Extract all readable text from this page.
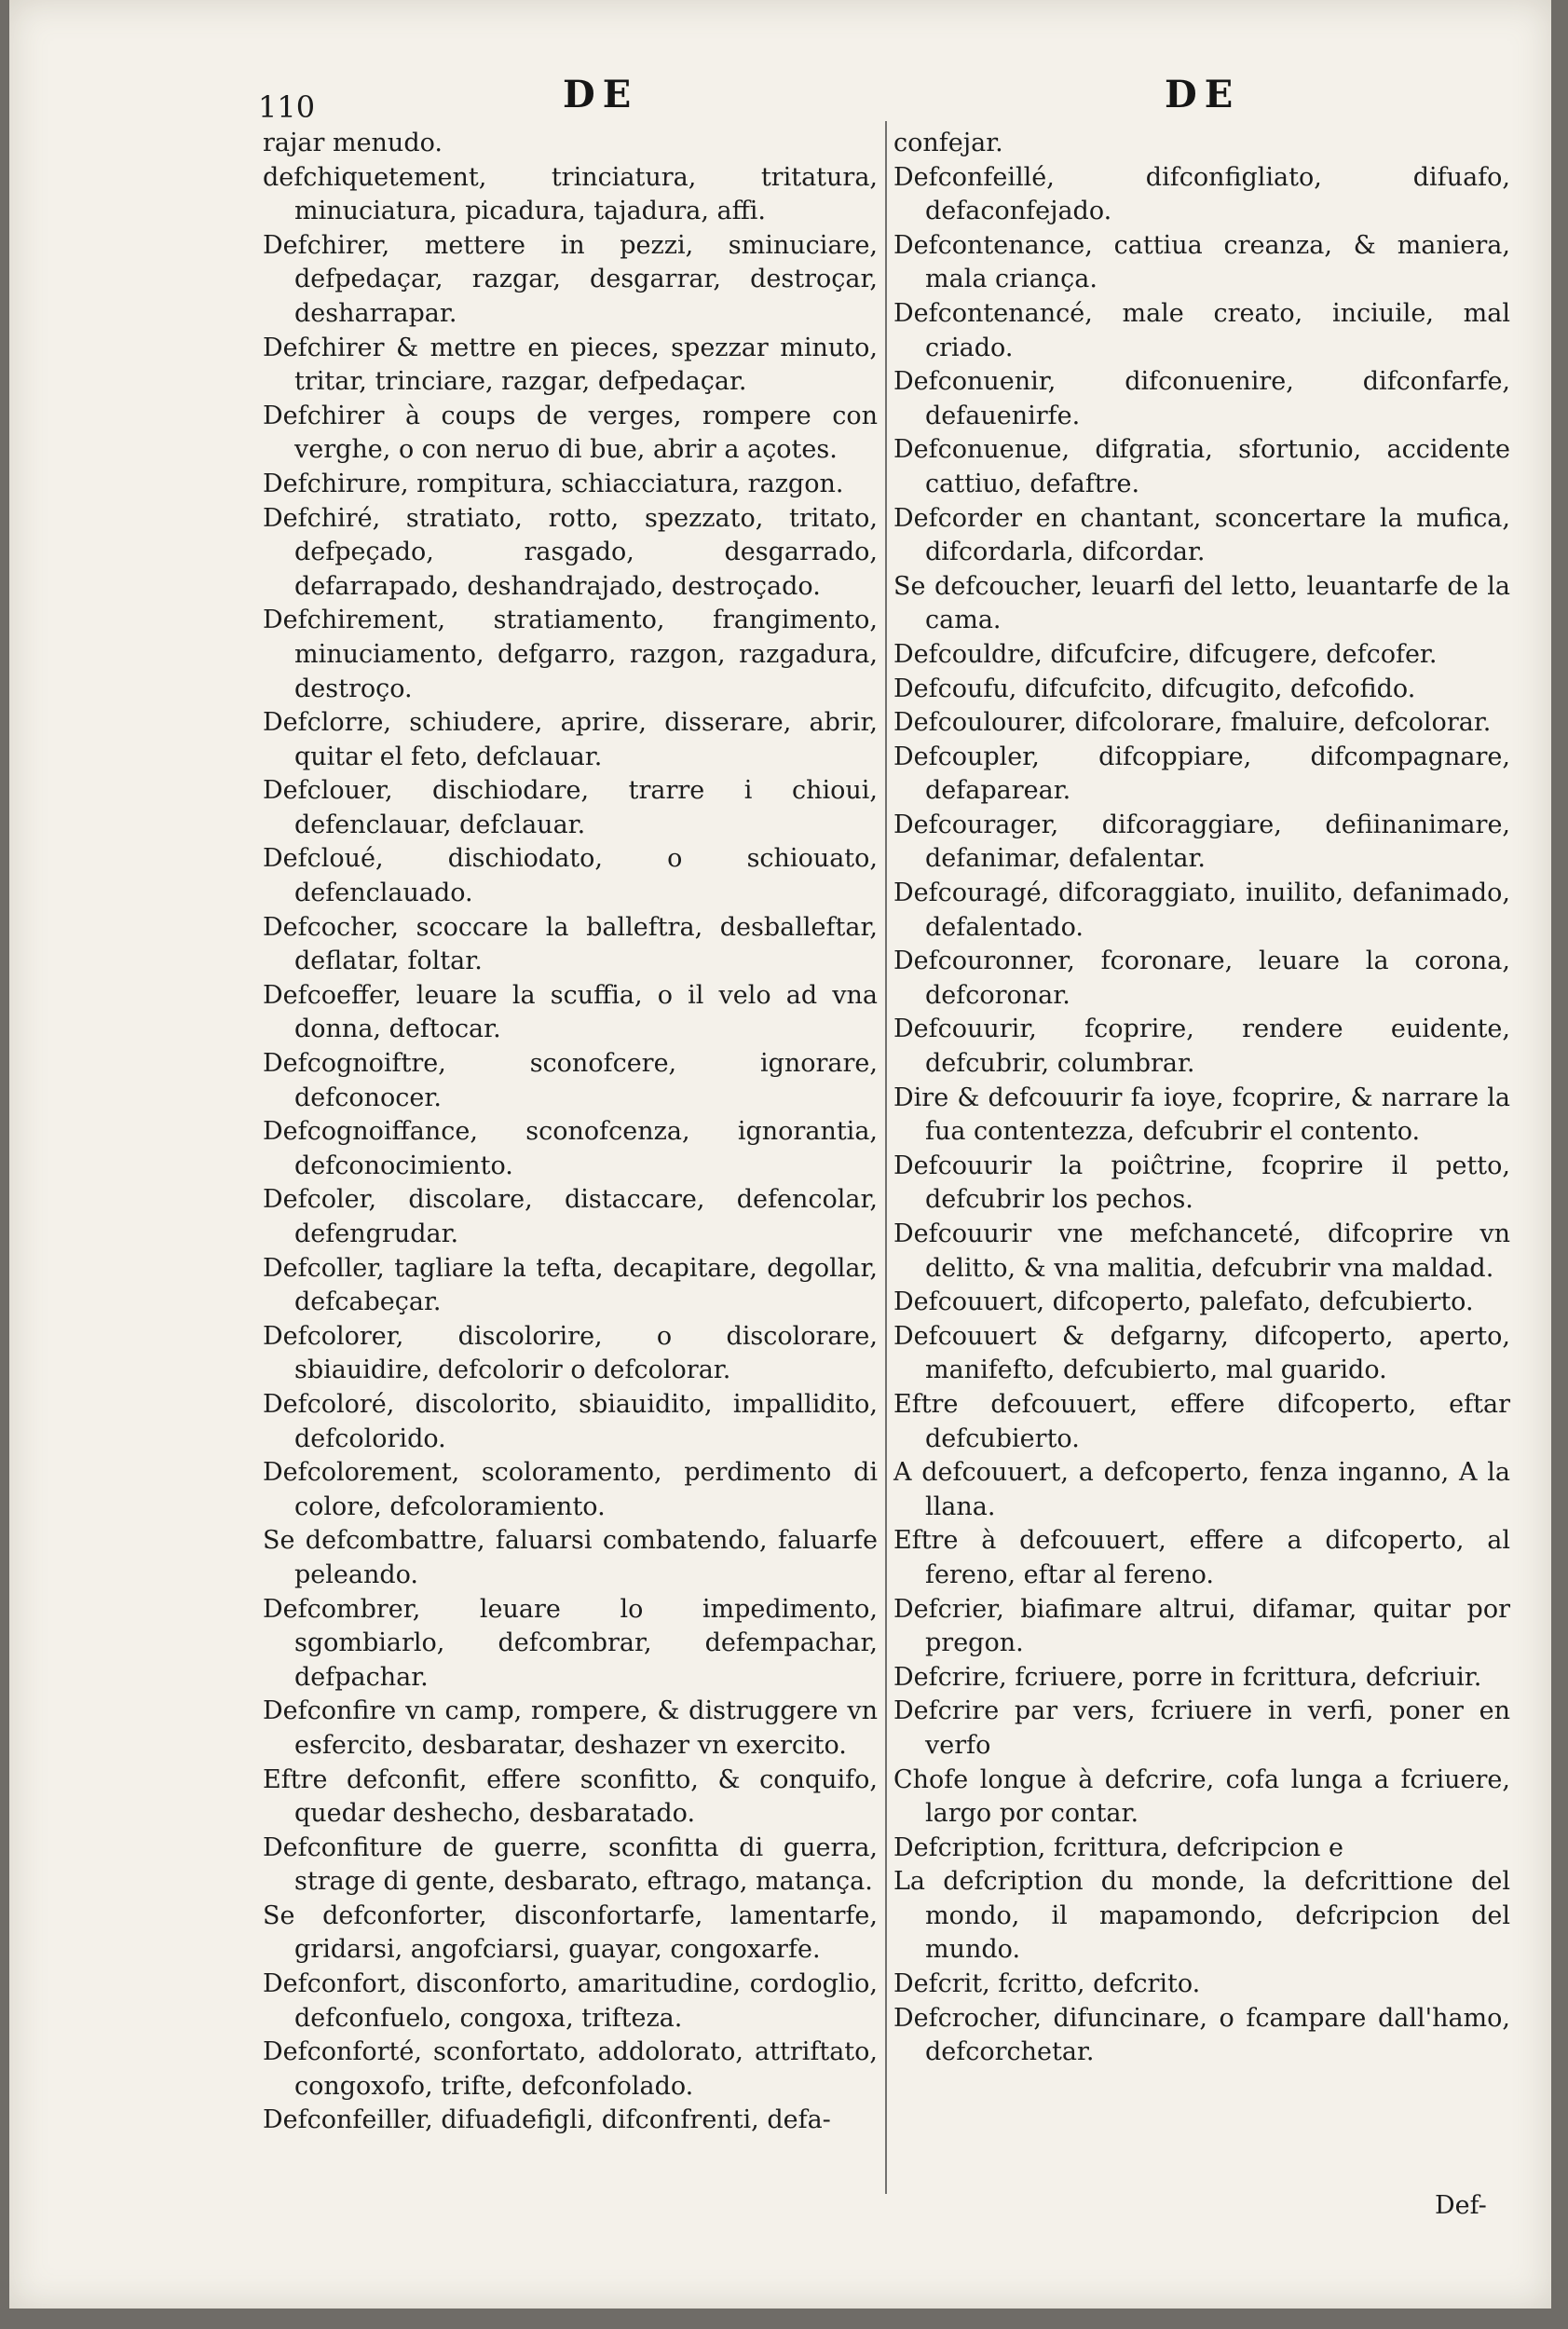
110	DE	DE

rajar menudo.
defchiquetement, trinciatura, tritatura, minuciatura, picadura, tajadura, affi.
Defchirer, mettere in pezzi, sminuciare, defpedaçar, razgar, desgarrar, destroçar, desharrapar.
Defchirer & mettre en pieces, spezzar minuto, tritar, trinciare, razgar, defpedaçar.
Defchirer à coups de verges, rompere con verghe, o con neruo di bue, abrir a açotes.
Defchirure, rompitura, schiacciatura, razgon.
Defchiré, stratiato, rotto, spezzato, tritato, defpeçado, rasgado, desgarrado, defarrapado, deshandrajado, destroçado.
Defchirement, stratiamento, frangimento, minuciamento, defgarro, razgon, razgadura, destroço.
Defclorre, schiudere, aprire, disserare, abrir, quitar el feto, defclauar.
Defclouer, dischiodare, trarre i chioui, defenclauar, defclauar.
Defcloué, dischiodato, o schiouato, defenclauado.
Defcocher, scoccare la balleftra, desballeftar, deflatar, foltar.
Defcoeffer, leuare la scuffia, o il velo ad vna donna, deftocar.
Defcognoiftre, sconofcere, ignorare, defconocer.
Defcognoiffance, sconofcenza, ignorantia, defconocimiento.
Defcoler, discolare, distaccare, defencolar, defengrudar.
Defcoller, tagliare la tefta, decapitare, degollar, defcabeçar.
Defcolorer, discolorire, o discolorare, sbiauidire, defcolorir o defcolorar.
Defcoloré, discolorito, sbiauidito, impallidito, defcolorido.
Defcolorement, scoloramento, perdimento di colore, defcoloramiento.
Se defcombattre, faluarsi combatendo, faluarfe peleando.
Defcombrer, leuare lo impedimento, sgombiarlo, defcombrar, defempachar, defpachar.
Defconfire vn camp, rompere, & distruggere vn esfercito, desbaratar, deshazer vn exercito.
Eftre defconfit, effere sconfitto, & conquifo, quedar deshecho, desbaratado.
Defconfiture de guerre, sconfitta di guerra, strage di gente, desbarato, eftrago, matança.
Se defconforter, disconfortarfe, lamentarfe, gridarsi, angofciarsi, guayar, congoxarfe.
Defconfort, disconforto, amaritudine, cordoglio, defconfuelo, congoxa, trifteza.
Defconforté, sconfortato, addolorato, attriftato, congoxofo, trifte, defconfolado.
Defconfeiller, difuadefigli, difconfrenti, defa-
confejar.
Defconfeillé, difconfigliato, difuafo, defaconfejado.
Defcontenance, cattiua creanza, & maniera, mala criança.
Defcontenancé, male creato, inciuile, mal criado.
Defconuenir, difconuenire, difconfarfe, defauenirfe.
Defconuenue, difgratia, sfortunio, accidente cattiuo, defaftre.
Defcorder en chantant, sconcertare la mufica, difcordarla, difcordar.
Se defcoucher, leuarfi del letto, leuantarfe de la cama.
Defcouldre, difcufcire, difcugere, defcofer.
Defcoufu, difcufcito, difcugito, defcofido.
Defcoulourer, difcolorare, fmaluire, defcolorar.
Defcoupler, difcoppiare, difcompagnare, defaparear.
Defcourager, difcoraggiare, defiinanimare, defanimar, defalentar.
Defcouragé, difcoraggiato, inuilito, defanimado, defalentado.
Defcouronner, fcoronare, leuare la corona, defcoronar.
Defcouurir, fcoprire, rendere euidente, defcubrir, columbrar.
Dire & defcouurir fa ioye, fcoprire, & narrare la fua contentezza, defcubrir el contento.
Defcouurir la poiĉtrine, fcoprire il petto, defcubrir los pechos.
Defcouurir vne mefchanceté, difcoprire vn delitto, & vna malitia, defcubrir vna maldad.
Defcouuert, difcoperto, palefato, defcubierto.
Defcouuert & defgarny, difcoperto, aperto, manifefto, defcubierto, mal guarido.
Eftre defcouuert, effere difcoperto, eftar defcubierto.
A defcouuert, a defcoperto, fenza inganno, A la llana.
Eftre à defcouuert, effere a difcoperto, al fereno, eftar al fereno.
Defcrier, biafimare altrui, difamar, quitar por pregon.
Defcrire, fcriuere, porre in fcrittura, defcriuir.
Defcrire par vers, fcriuere in verfi, poner en verfo
Chofe longue à defcrire, cofa lunga a fcriuere, largo por contar.
Defcription, fcrittura, defcripcion e
La defcription du monde, la defcrittione del mondo, il mapamondo, defcripcion del mundo.
Defcrit, fcritto, defcrito.
Defcrocher, difuncinare, o fcampare dall'hamo, defcorchetar.

Def-
